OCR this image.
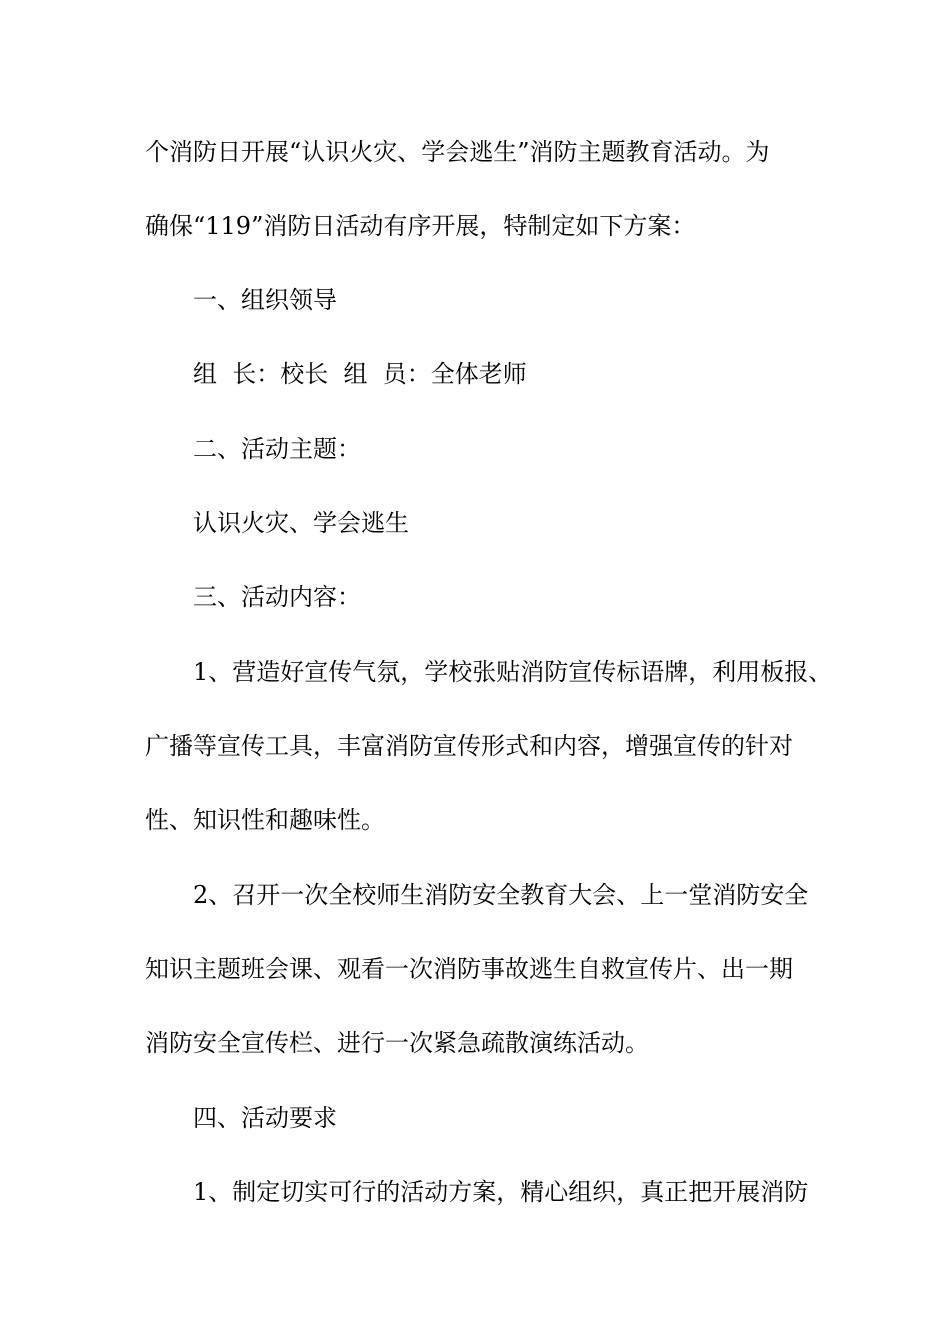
个消防日开展“认识火灾、学会逃生”消防主题教育活动。为
确保“119”消防日活动有序开展，特制定如下方案：
一、组织领导
组  长：校长  组  员：全体老师
二、活动主题：
认识火灾、学会逃生
三、活动内容：
1、营造好宣传气氛，学校张贴消防宣传标语牌，利用板报、
广播等宣传工具，丰富消防宣传形式和内容，增强宣传的针对
性、知识性和趣味性。
2、召开一次全校师生消防安全教育大会、上一堂消防安全
知识主题班会课、观看一次消防事故逃生自救宣传片、出一期
消防安全宣传栏、进行一次紧急疏散演练活动。
四、活动要求
1、制定切实可行的活动方案，精心组织，真正把开展消防
